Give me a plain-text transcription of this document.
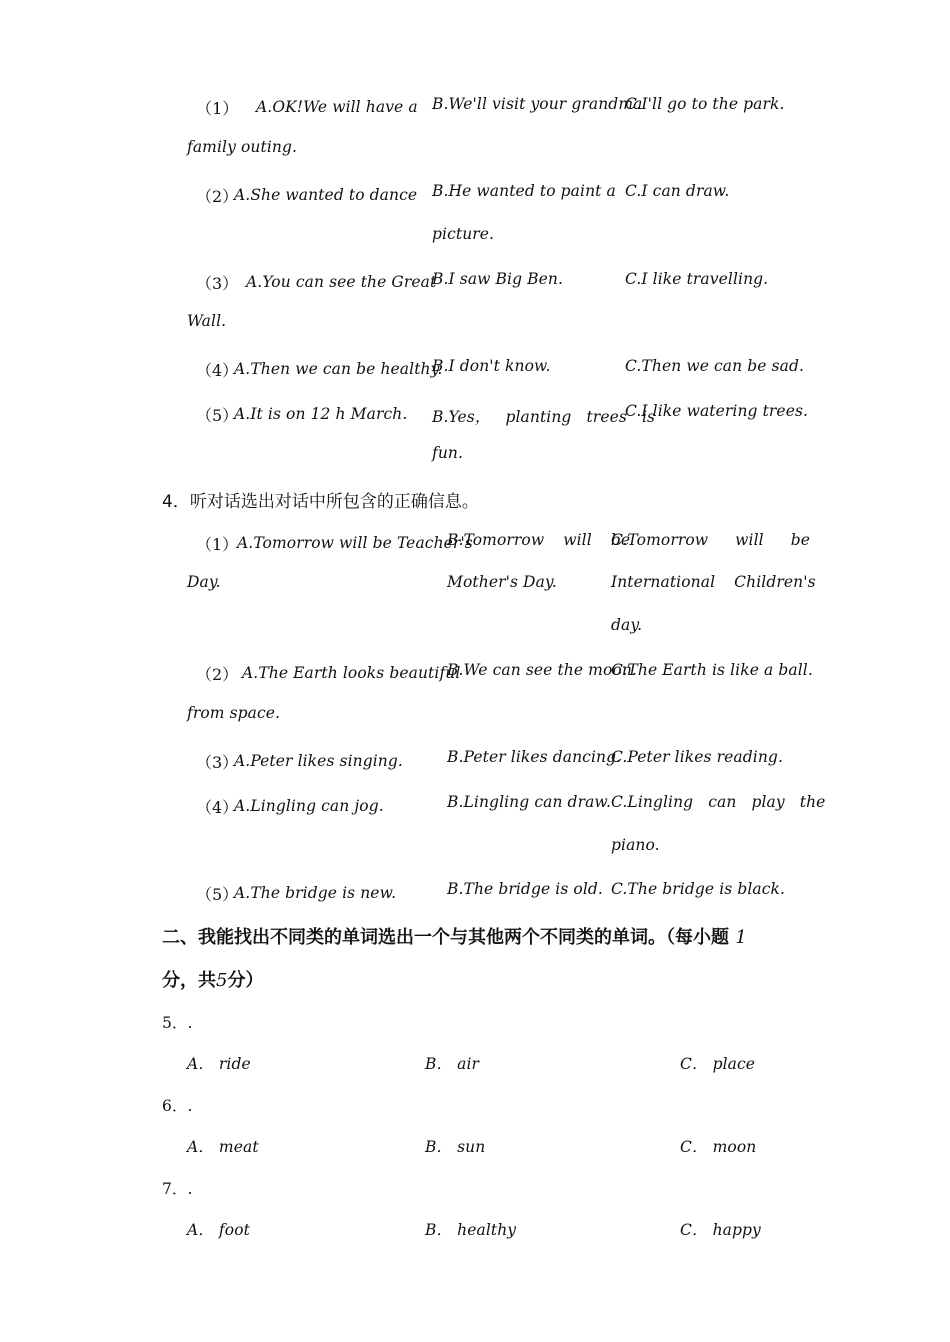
（1） A.OK!We will have a
family outing.
B.We'll visit your grandma
C.I'll go to the park.
（2）
A.She wanted to dance B.He wanted to paint a
picture.
C.I can draw.
（3） A.You can see the Great
Wall.
B.I saw Big Ben.	C.I like travelling.
（4）
A.Then we can be healthy.
B.I don't know.	C.Then we can be sad.
（5）
A.It is on 12 h March. B.Yes， planting trees is
fun.
C.I like watering trees.
4．听对话选出对话中所包含的正确信息。
（1）
A.Tomorrow will be Teacher's
Day.
B.Tomorrow will be
Mother's Day.
C.Tomorrow will be
International Children's
day.
（2） A.The Earth looks beautiful
from space.
B.We can see the moon.
C.The Earth is like a ball.
（3）
A.Peter likes singing.	B.Peter likes dancing.
C.Peter likes reading.
（4）
A.Lingling can jog.	B.Lingling can draw. C.Lingling can play the
piano.
（5）
A.The bridge is new.	B.The bridge is old. C.The bridge is black.
二、我能找出不同类的单词选出一个与其他两个不同类的单词。（每小题 1
分，共5分）
5．.
A． ride	B． air	C． place
6．.
A． meat	B． sun	C． moon
7．.
A． foot	B． healthy	C． happy
